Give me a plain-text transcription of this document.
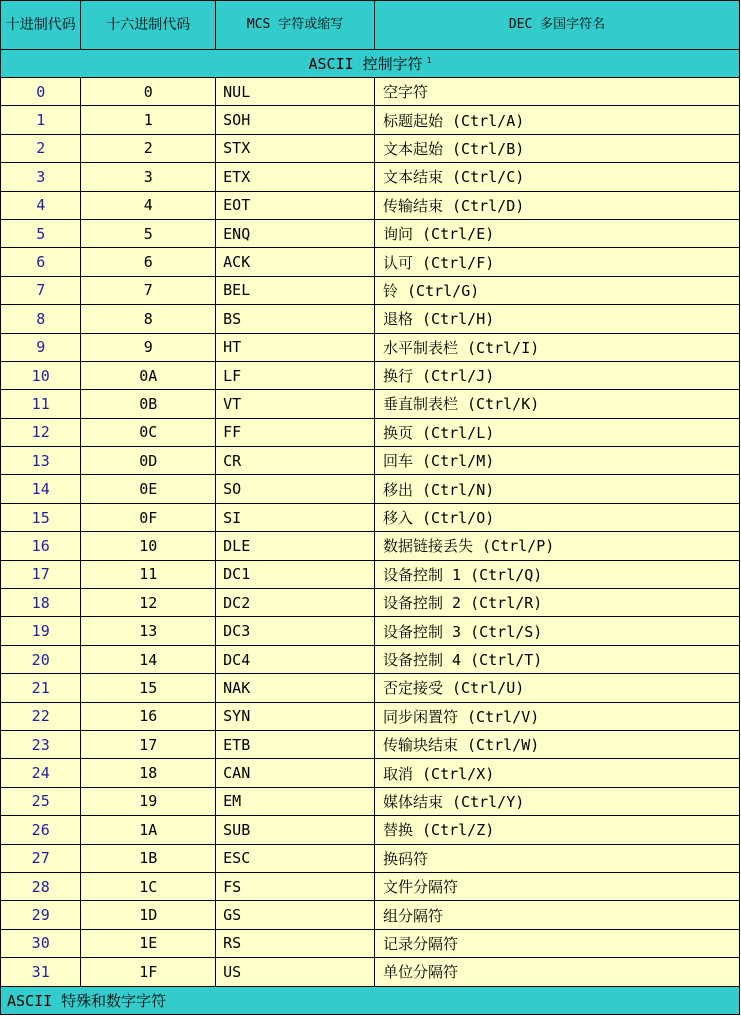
十进制代码	十六进制代码	MCS 字符或缩写	DEC 多国字符名
ASCII 控制字符 $^1$
0	0	NUL	空字符
1	1	SOH	标题起始 (Ctrl/A)
2	2	STX	文本起始 (Ctrl/B)
3	3	ETX	文本结束 (Ctrl/C)
4	4	EOT	传输结束 (Ctrl/D)
5	5	ENQ	询问 (Ctrl/E)
6	6	ACK	认可 (Ctrl/F)
7	7	BEL	铃 (Ctrl/G)
8	8	BS	退格 (Ctrl/H)
9	9	HT	水平制表栏 (Ctrl/I)
10	0A	LF	换行 (Ctrl/J)
11	0B	VT	垂直制表栏 (Ctrl/K)
12	0C	FF	换页 (Ctrl/L)
13	0D	CR	回车 (Ctrl/M)
14	0E	SO	移出 (Ctrl/N)
15	0F	SI	移入 (Ctrl/O)
16	10	DLE	数据链接丢失 (Ctrl/P)
17	11	DC1	设备控制 1 (Ctrl/Q)
18	12	DC2	设备控制 2 (Ctrl/R)
19	13	DC3	设备控制 3 (Ctrl/S)
20	14	DC4	设备控制 4 (Ctrl/T)
21	15	NAK	否定接受 (Ctrl/U)
22	16	SYN	同步闲置符 (Ctrl/V)
23	17	ETB	传输块结束 (Ctrl/W)
24	18	CAN	取消 (Ctrl/X)
25	19	EM	媒体结束 (Ctrl/Y)
26	1A	SUB	替换 (Ctrl/Z)
27	1B	ESC	换码符
28	1C	FS	文件分隔符
29	1D	GS	组分隔符
30	1E	RS	记录分隔符
31	1F	US	单位分隔符
ASCII 特殊和数字字符			
